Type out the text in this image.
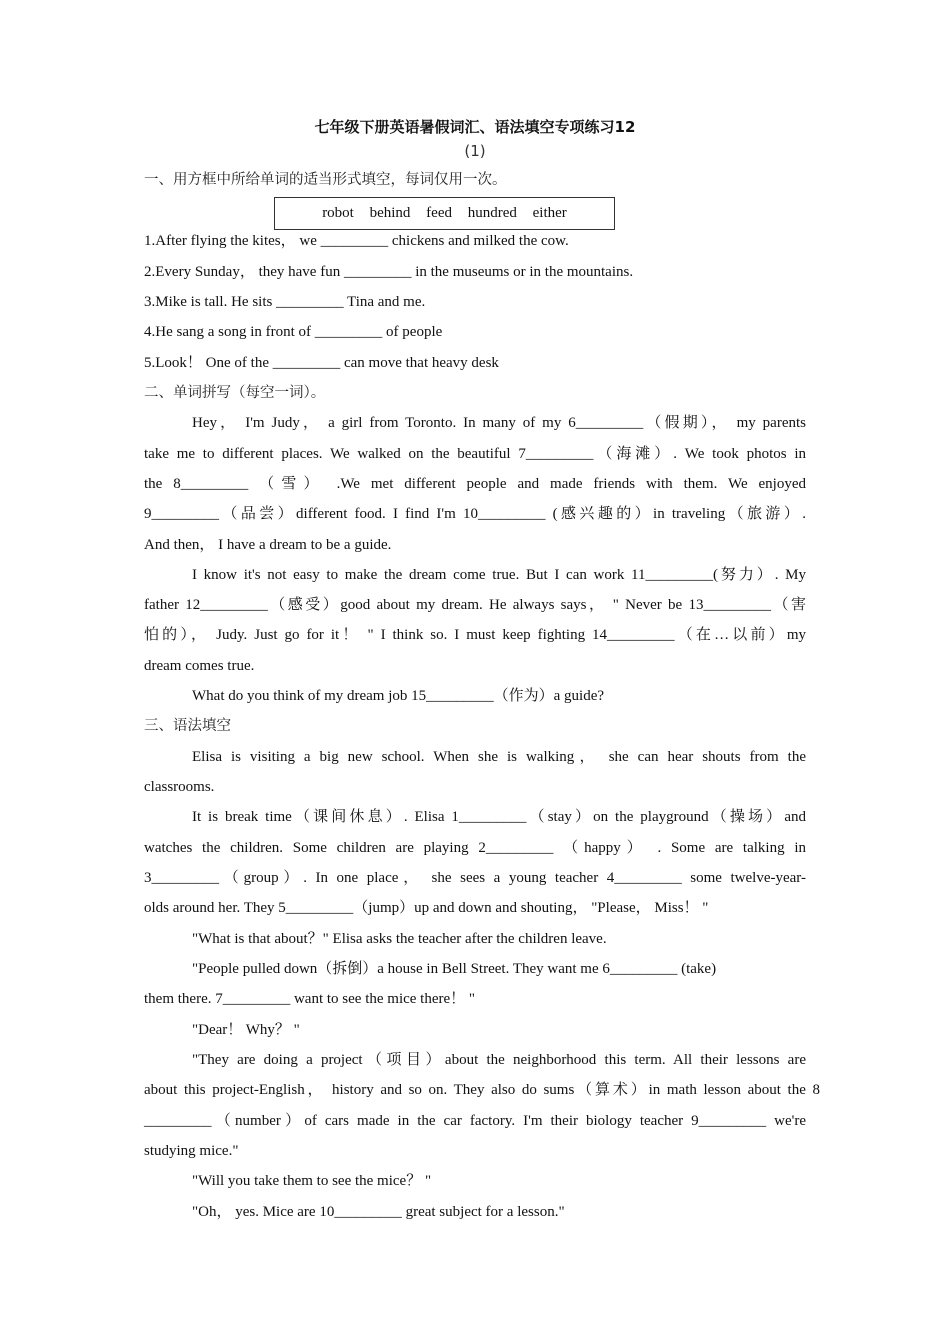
七年级下册英语暑假词汇、语法填空专项练习12
(1)
一、用方框中所给单词的适当形式填空，每词仅用一次。
robot behind feed hundred either
1.After flying the kites， we _________ chickens and milked the cow.
2.Every Sunday， they have fun _________ in the museums or in the mountains.
3.Mike is tall. He sits _________ Tina and me.
4.He sang a song in front of _________ of people
5.Look！ One of the _________ can move that heavy desk
二、单词拼写（每空一词）。
Hey， I'm Judy， a girl from Toronto. In many of my 6_________（假期）， my parents
take me to different places. We walked on the beautiful 7_________（海滩）. We took photos in
the 8_________ （雪） .We met different people and made friends with them. We enjoyed
9_________（品尝）different food. I find I'm 10_________ (感兴趣的）in traveling（旅游）.
And then， I have a dream to be a guide.
I know it's not easy to make the dream come true. But I can work 11_________(努力）. My
father 12_________（感受）good about my dream. He always says， " Never be 13_________（害
怕的）， Judy. Just go for it！ " I think so. I must keep fighting 14_________（在…以前）my
dream comes true.
What do you think of my dream job 15_________（作为）a guide?
三、语法填空
Elisa is visiting a big new school. When she is walking， she can hear shouts from the
classrooms.
It is break time（课间休息）. Elisa 1_________（stay）on the playground（操场）and
watches the children. Some children are playing 2_________ （happy） . Some are talking in
3_________（group）. In one place， she sees a young teacher 4_________ some twelve-year-
olds around her. They 5_________（jump）up and down and shouting， "Please， Miss！ "
"What is that about？" Elisa asks the teacher after the children leave.
"People pulled down（拆倒）a house in Bell Street. They want me 6_________ (take)
them there. 7_________ want to see the mice there！ "
"Dear！ Why？ "
"They are doing a project（项目）about the neighborhood this term. All their lessons are
about this project-English， history and so on. They also do sums（算术）in math lesson about the 8
_________（number）of cars made in the car factory. I'm their biology teacher 9_________ we're
studying mice."
"Will you take them to see the mice？ "
"Oh， yes. Mice are 10_________ great subject for a lesson."
